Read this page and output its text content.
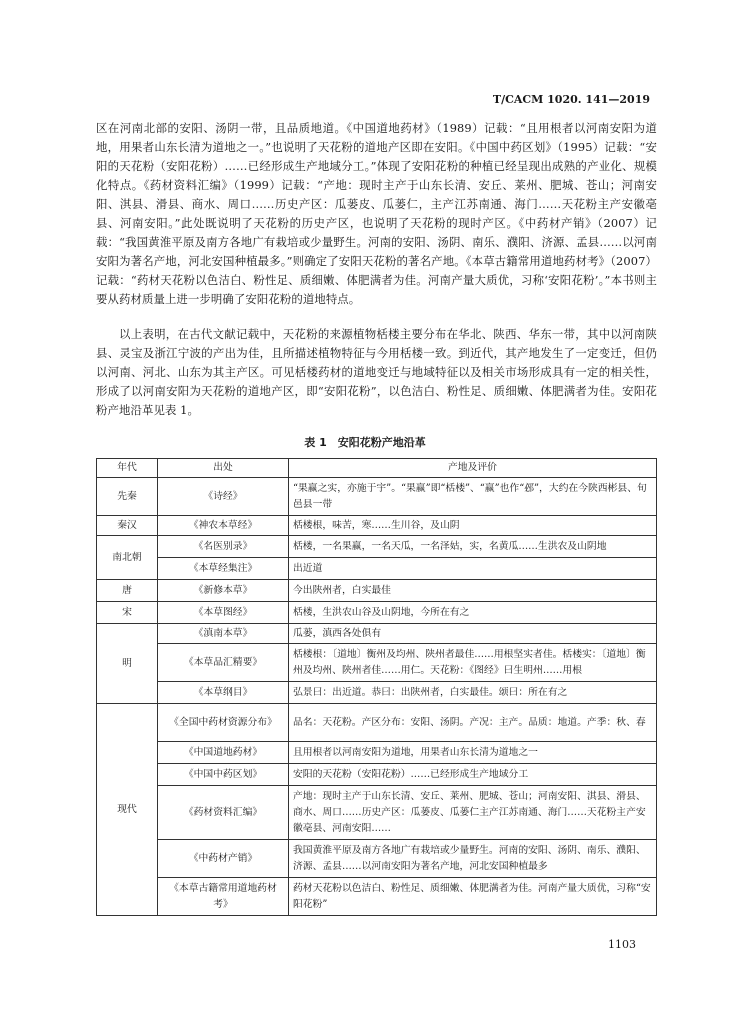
T/CACM 1020. 141—2019
区在河南北部的安阳、汤阴一带，且品质地道。《中国道地药材》（1989）记载：“且用根者以河南安阳为道地，用果者山东长清为道地之一。”也说明了天花粉的道地产区即在安阳。《中国中药区划》（1995）记载：“安阳的天花粉（安阳花粉）……已经形成生产地域分工。”体现了安阳花粉的种植已经呈现出成熟的产业化、规模化特点。《药材资料汇编》（1999）记载：“产地：现时主产于山东长清、安丘、莱州、肥城、苍山；河南安阳、淇县、滑县、商水、周口……历史产区：瓜蒌皮、瓜蒌仁，主产江苏南通、海门……天花粉主产安徽亳县、河南安阳。”此处既说明了天花粉的历史产区，也说明了天花粉的现时产区。《中药材产销》（2007）记载：“我国黄淮平原及南方各地广有栽培或少量野生。河南的安阳、汤阴、南乐、濮阳、济源、孟县……以河南安阳为著名产地，河北安国种植最多。”则确定了安阳天花粉的著名产地。《本草古籍常用道地药材考》（2007）记载：“药材天花粉以色洁白、粉性足、质细嫩、体肥满者为佳。河南产量大质优，习称‘安阳花粉’。”本书则主要从药材质量上进一步明确了安阳花粉的道地特点。
以上表明，在古代文献记载中，天花粉的来源植物栝楼主要分布在华北、陕西、华东一带，其中以河南陕县、灵宝及浙江宁波的产出为佳，且所描述植物特征与今用栝楼一致。到近代，其产地发生了一定变迁，但仍以河南、河北、山东为其主产区。可见栝楼药材的道地变迁与地域特征以及相关市场形成具有一定的相关性，形成了以河南安阳为天花粉的道地产区，即“安阳花粉”，以色洁白、粉性足、质细嫩、体肥满者为佳。安阳花粉产地沿革见表 1。
表 1　安阳花粉产地沿革
年代	出处	产地及评价
先秦	《诗经》	“果赢之实，亦施于宇”。“果赢”即“栝楼”、“赢”也作“邲”，大约在今陕西彬县、旬邑县一带
秦汉	《神农本草经》	栝楼根，味苦，寒……生川谷，及山阴
南北朝	《名医别录》	栝楼，一名果赢，一名天瓜，一名泽姑，实，名黄瓜……生洪农及山阴地
	《本草经集注》	出近道
唐	《新修本草》	今出陕州者，白实最佳
宋	《本草图经》	栝楼，生洪农山谷及山阴地，今所在有之
明	《滇南本草》	瓜蒌，滇西各处俱有
	《本草品汇精要》	栝楼根：〔道地〕衡州及均州、陕州者最佳……用根坚实者佳。栝楼实：〔道地〕衡州及均州、陕州者佳……用仁。天花粉：《图经》曰生明州……用根
	《本草纲目》	弘景曰：出近道。恭曰：出陕州者，白实最佳。颂曰：所在有之
现代	《全国中药材资源分布》	品名：天花粉。产区分布：安阳、汤阴。产况：主产。品质：地道。产季：秋、春
	《中国道地药材》	且用根者以河南安阳为道地，用果者山东长清为道地之一
	《中国中药区划》	安阳的天花粉（安阳花粉）……已经形成生产地域分工
	《药材资料汇编》	产地：现时主产于山东长清、安丘、莱州、肥城、苍山；河南安阳、淇县、滑县、商水、周口……历史产区：瓜蒌皮、瓜蒌仁主产江苏南通、海门……天花粉主产安徽亳县、河南安阳……
	《中药材产销》	我国黄淮平原及南方各地广有栽培或少量野生。河南的安阳、汤阴、南乐、濮阳、济源、孟县……以河南安阳为著名产地，河北安国种植最多
	《本草古籍常用道地药材考》	药材天花粉以色洁白、粉性足、质细嫩、体肥满者为佳。河南产量大质优，习称“安阳花粉”
1103
